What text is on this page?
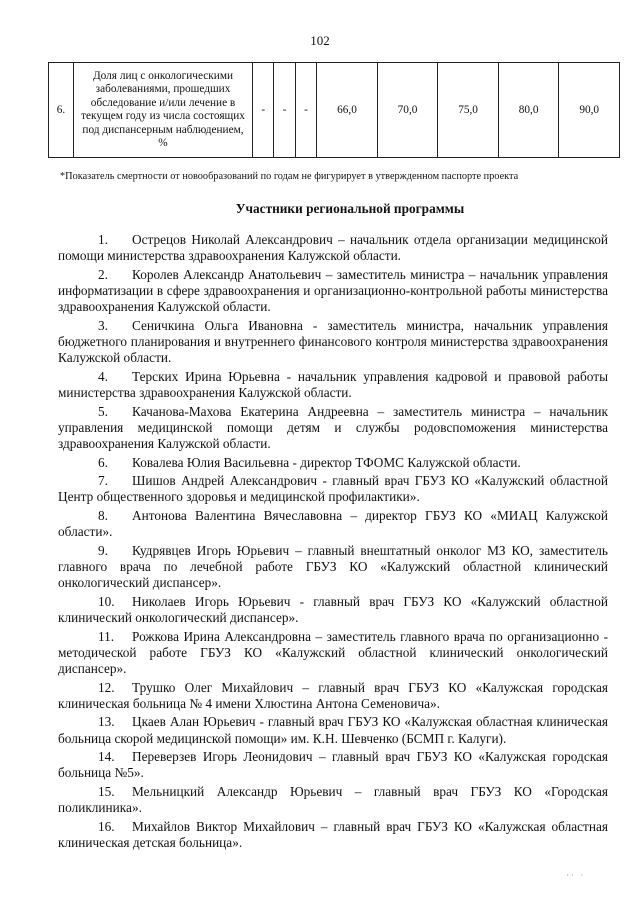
102
6.	Доля лиц с онкологическими заболеваниями, прошедших обследование и/или лечение в текущем году из числа состоящих под диспансерным наблюдением, %	-	-	-	66,0	70,0	75,0	80,0	90,0
*Показатель смертности от новообразований по годам не фигурирует в утвержденном паспорте проекта
Участники региональной программы

1. Острецов Николай Александрович – начальник отдела организации медицинской помощи министерства здравоохранения Калужской области.

2. Королев Александр Анатольевич – заместитель министра – начальник управления информатизации в сфере здравоохранения и организационно-контрольной работы министерства здравоохранения Калужской области.

3. Сеничкина Ольга Ивановна - заместитель министра, начальник управления бюджетного планирования и внутреннего финансового контроля министерства здравоохранения Калужской области.

4. Терских Ирина Юрьевна - начальник управления кадровой и правовой работы министерства здравоохранения Калужской области.

5. Качанова-Махова Екатерина Андреевна – заместитель министра – начальник управления медицинской помощи детям и службы родовспоможения министерства здравоохранения Калужской области.

6. Ковалева Юлия Васильевна - директор ТФОМС Калужской области.

7. Шишов Андрей Александрович - главный врач ГБУЗ КО «Калужский областной Центр общественного здоровья и медицинской профилактики».

8. Антонова Валентина Вячеславовна – директор ГБУЗ КО «МИАЦ Калужской области».

9. Кудрявцев Игорь Юрьевич – главный внештатный онколог МЗ КО, заместитель главного врача по лечебной работе ГБУЗ КО «Калужский областной клинический онкологический диспансер».

10. Николаев Игорь Юрьевич - главный врач ГБУЗ КО «Калужский областной клинический онкологический диспансер».

11. Рожкова Ирина Александровна – заместитель главного врача по организационно - методической работе ГБУЗ КО «Калужский областной клинический онкологический диспансер».

12. Трушко Олег Михайлович – главный врач ГБУЗ КО «Калужская городская клиническая больница № 4 имени Хлюстина Антона Семеновича».

13. Цкаев Алан Юрьевич - главный врач ГБУЗ КО «Калужская областная клиническая больница скорой медицинской помощи» им. К.Н. Шевченко (БСМП г. Калуги).

14. Переверзев Игорь Леонидович – главный врач ГБУЗ КО «Калужская городская больница №5».

15. Мельницкий Александр Юрьевич – главный врач ГБУЗ КО «Городская поликлиника».

16. Михайлов Виктор Михайлович – главный врач ГБУЗ КО «Калужская областная клиническая детская больница».

·· ·
